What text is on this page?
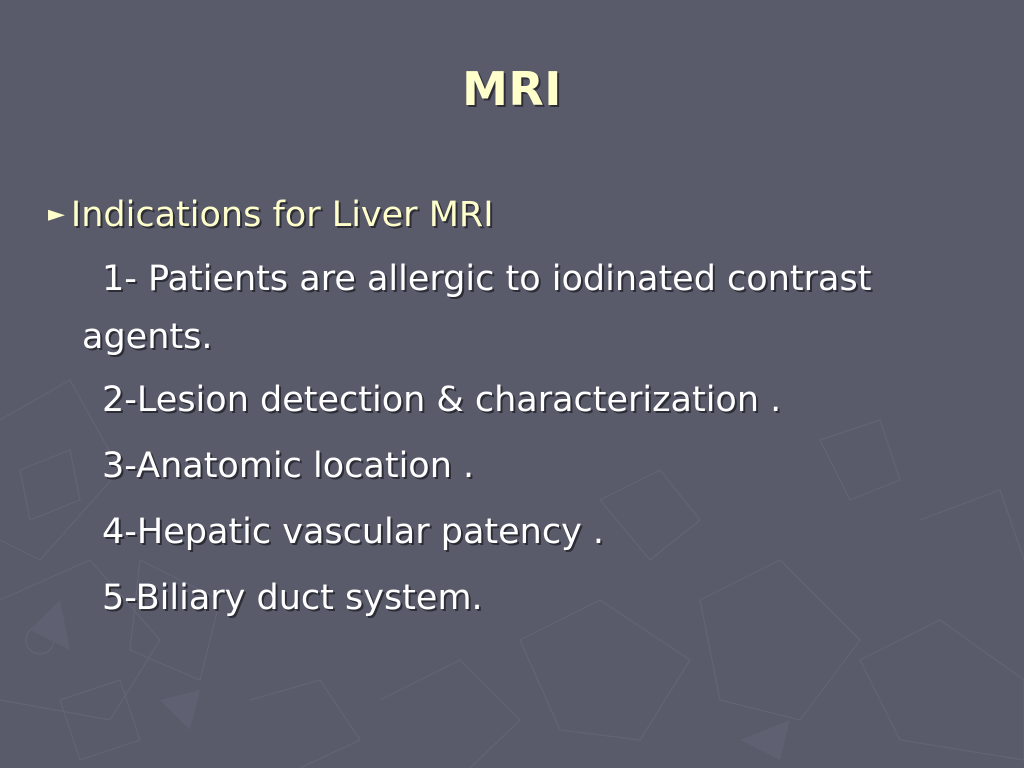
MRI
► Indications for Liver MRI
1- Patients are allergic to iodinated contrast
agents.
2-Lesion detection & characterization .
3-Anatomic location .
4-Hepatic vascular patency .
5-Biliary duct system.
